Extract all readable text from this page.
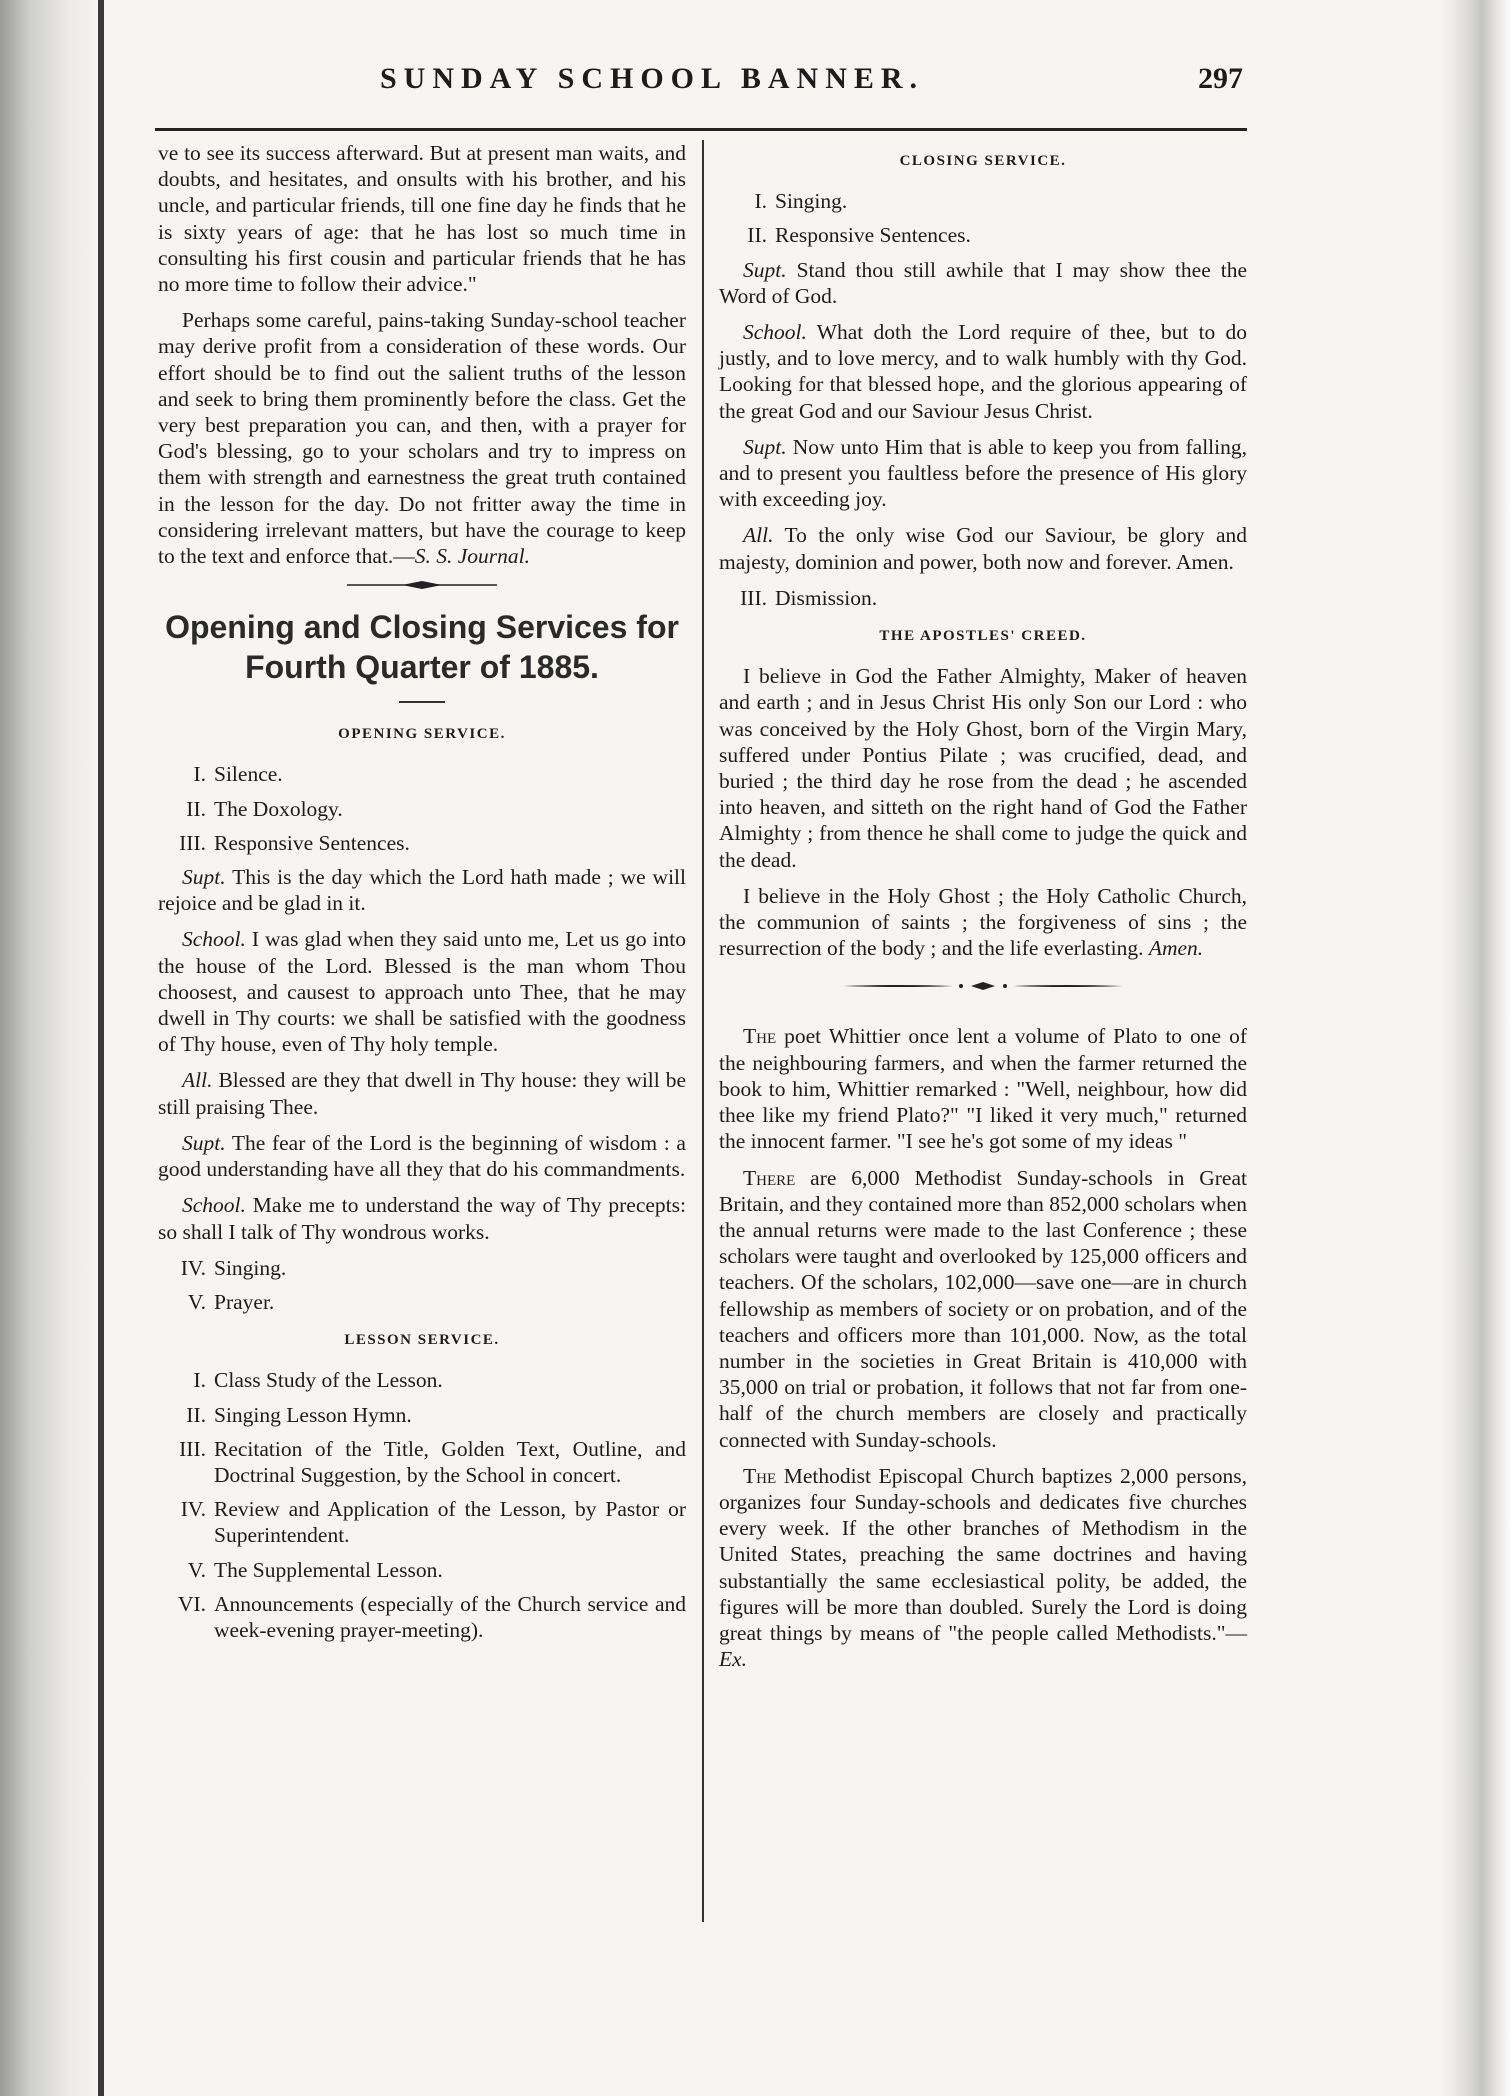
SUNDAY SCHOOL BANNER.	297

ve to see its success afterward. But at present man waits, and doubts, and hesitates, and onsults with his brother, and his uncle, and particular friends, till one fine day he finds that he is sixty years of age: that he has lost so much time in consulting his first cousin and particular friends that he has no more time to follow their advice."

Perhaps some careful, pains-taking Sunday-school teacher may derive profit from a consideration of these words. Our effort should be to find out the salient truths of the lesson and seek to bring them prominently before the class. Get the very best preparation you can, and then, with a prayer for God's blessing, go to your scholars and try to impress on them with strength and earnestness the great truth contained in the lesson for the day. Do not fritter away the time in considering irrelevant matters, but have the courage to keep to the text and enforce that.—S. S. Journal.

Opening and Closing Services for
Fourth Quarter of 1885.
OPENING SERVICE.
I. Silence.
II. The Doxology.
III. Responsive Sentences.

Supt. This is the day which the Lord hath made ; we will rejoice and be glad in it.

School. I was glad when they said unto me, Let us go into the house of the Lord. Blessed is the man whom Thou choosest, and causest to approach unto Thee, that he may dwell in Thy courts: we shall be satisfied with the goodness of Thy house, even of Thy holy temple.

All. Blessed are they that dwell in Thy house: they will be still praising Thee.

Supt. The fear of the Lord is the beginning of wisdom : a good understanding have all they that do his commandments.

School. Make me to understand the way of Thy precepts: so shall I talk of Thy wondrous works.

IV. Singing.
V. Prayer.
LESSON SERVICE.
I. Class Study of the Lesson.
II. Singing Lesson Hymn.
III. Recitation of the Title, Golden Text, Outline, and Doctrinal Suggestion, by the School in concert.
IV. Review and Application of the Lesson, by Pastor or Superintendent.
V. The Supplemental Lesson.
VI. Announcements (especially of the Church service and week-evening prayer-meeting).
CLOSING SERVICE.
I. Singing.
II. Responsive Sentences.

Supt. Stand thou still awhile that I may show thee the Word of God.

School. What doth the Lord require of thee, but to do justly, and to love mercy, and to walk humbly with thy God. Looking for that blessed hope, and the glorious appearing of the great God and our Saviour Jesus Christ.

Supt. Now unto Him that is able to keep you from falling, and to present you faultless before the presence of His glory with exceeding joy.

All. To the only wise God our Saviour, be glory and majesty, dominion and power, both now and forever. Amen.

III. Dismission.
THE APOSTLES' CREED.

I believe in God the Father Almighty, Maker of heaven and earth ; and in Jesus Christ His only Son our Lord : who was conceived by the Holy Ghost, born of the Virgin Mary, suffered under Pontius Pilate ; was crucified, dead, and buried ; the third day he rose from the dead ; he ascended into heaven, and sitteth on the right hand of God the Father Almighty ; from thence he shall come to judge the quick and the dead.

I believe in the Holy Ghost ; the Holy Catholic Church, the communion of saints ; the forgiveness of sins ; the resurrection of the body ; and the life everlasting. Amen.

The poet Whittier once lent a volume of Plato to one of the neighbouring farmers, and when the farmer returned the book to him, Whittier remarked : "Well, neighbour, how did thee like my friend Plato?" "I liked it very much," returned the innocent farmer. "I see he's got some of my ideas "

There are 6,000 Methodist Sunday-schools in Great Britain, and they contained more than 852,000 scholars when the annual returns were made to the last Conference ; these scholars were taught and overlooked by 125,000 officers and teachers. Of the scholars, 102,000—save one—are in church fellowship as members of society or on probation, and of the teachers and officers more than 101,000. Now, as the total number in the societies in Great Britain is 410,000 with 35,000 on trial or probation, it follows that not far from one-half of the church members are closely and practically connected with Sunday-schools.

The Methodist Episcopal Church baptizes 2,000 persons, organizes four Sunday-schools and dedicates five churches every week. If the other branches of Methodism in the United States, preaching the same doctrines and having substantially the same ecclesiastical polity, be added, the figures will be more than doubled. Surely the Lord is doing great things by means of "the people called Methodists."—Ex.
